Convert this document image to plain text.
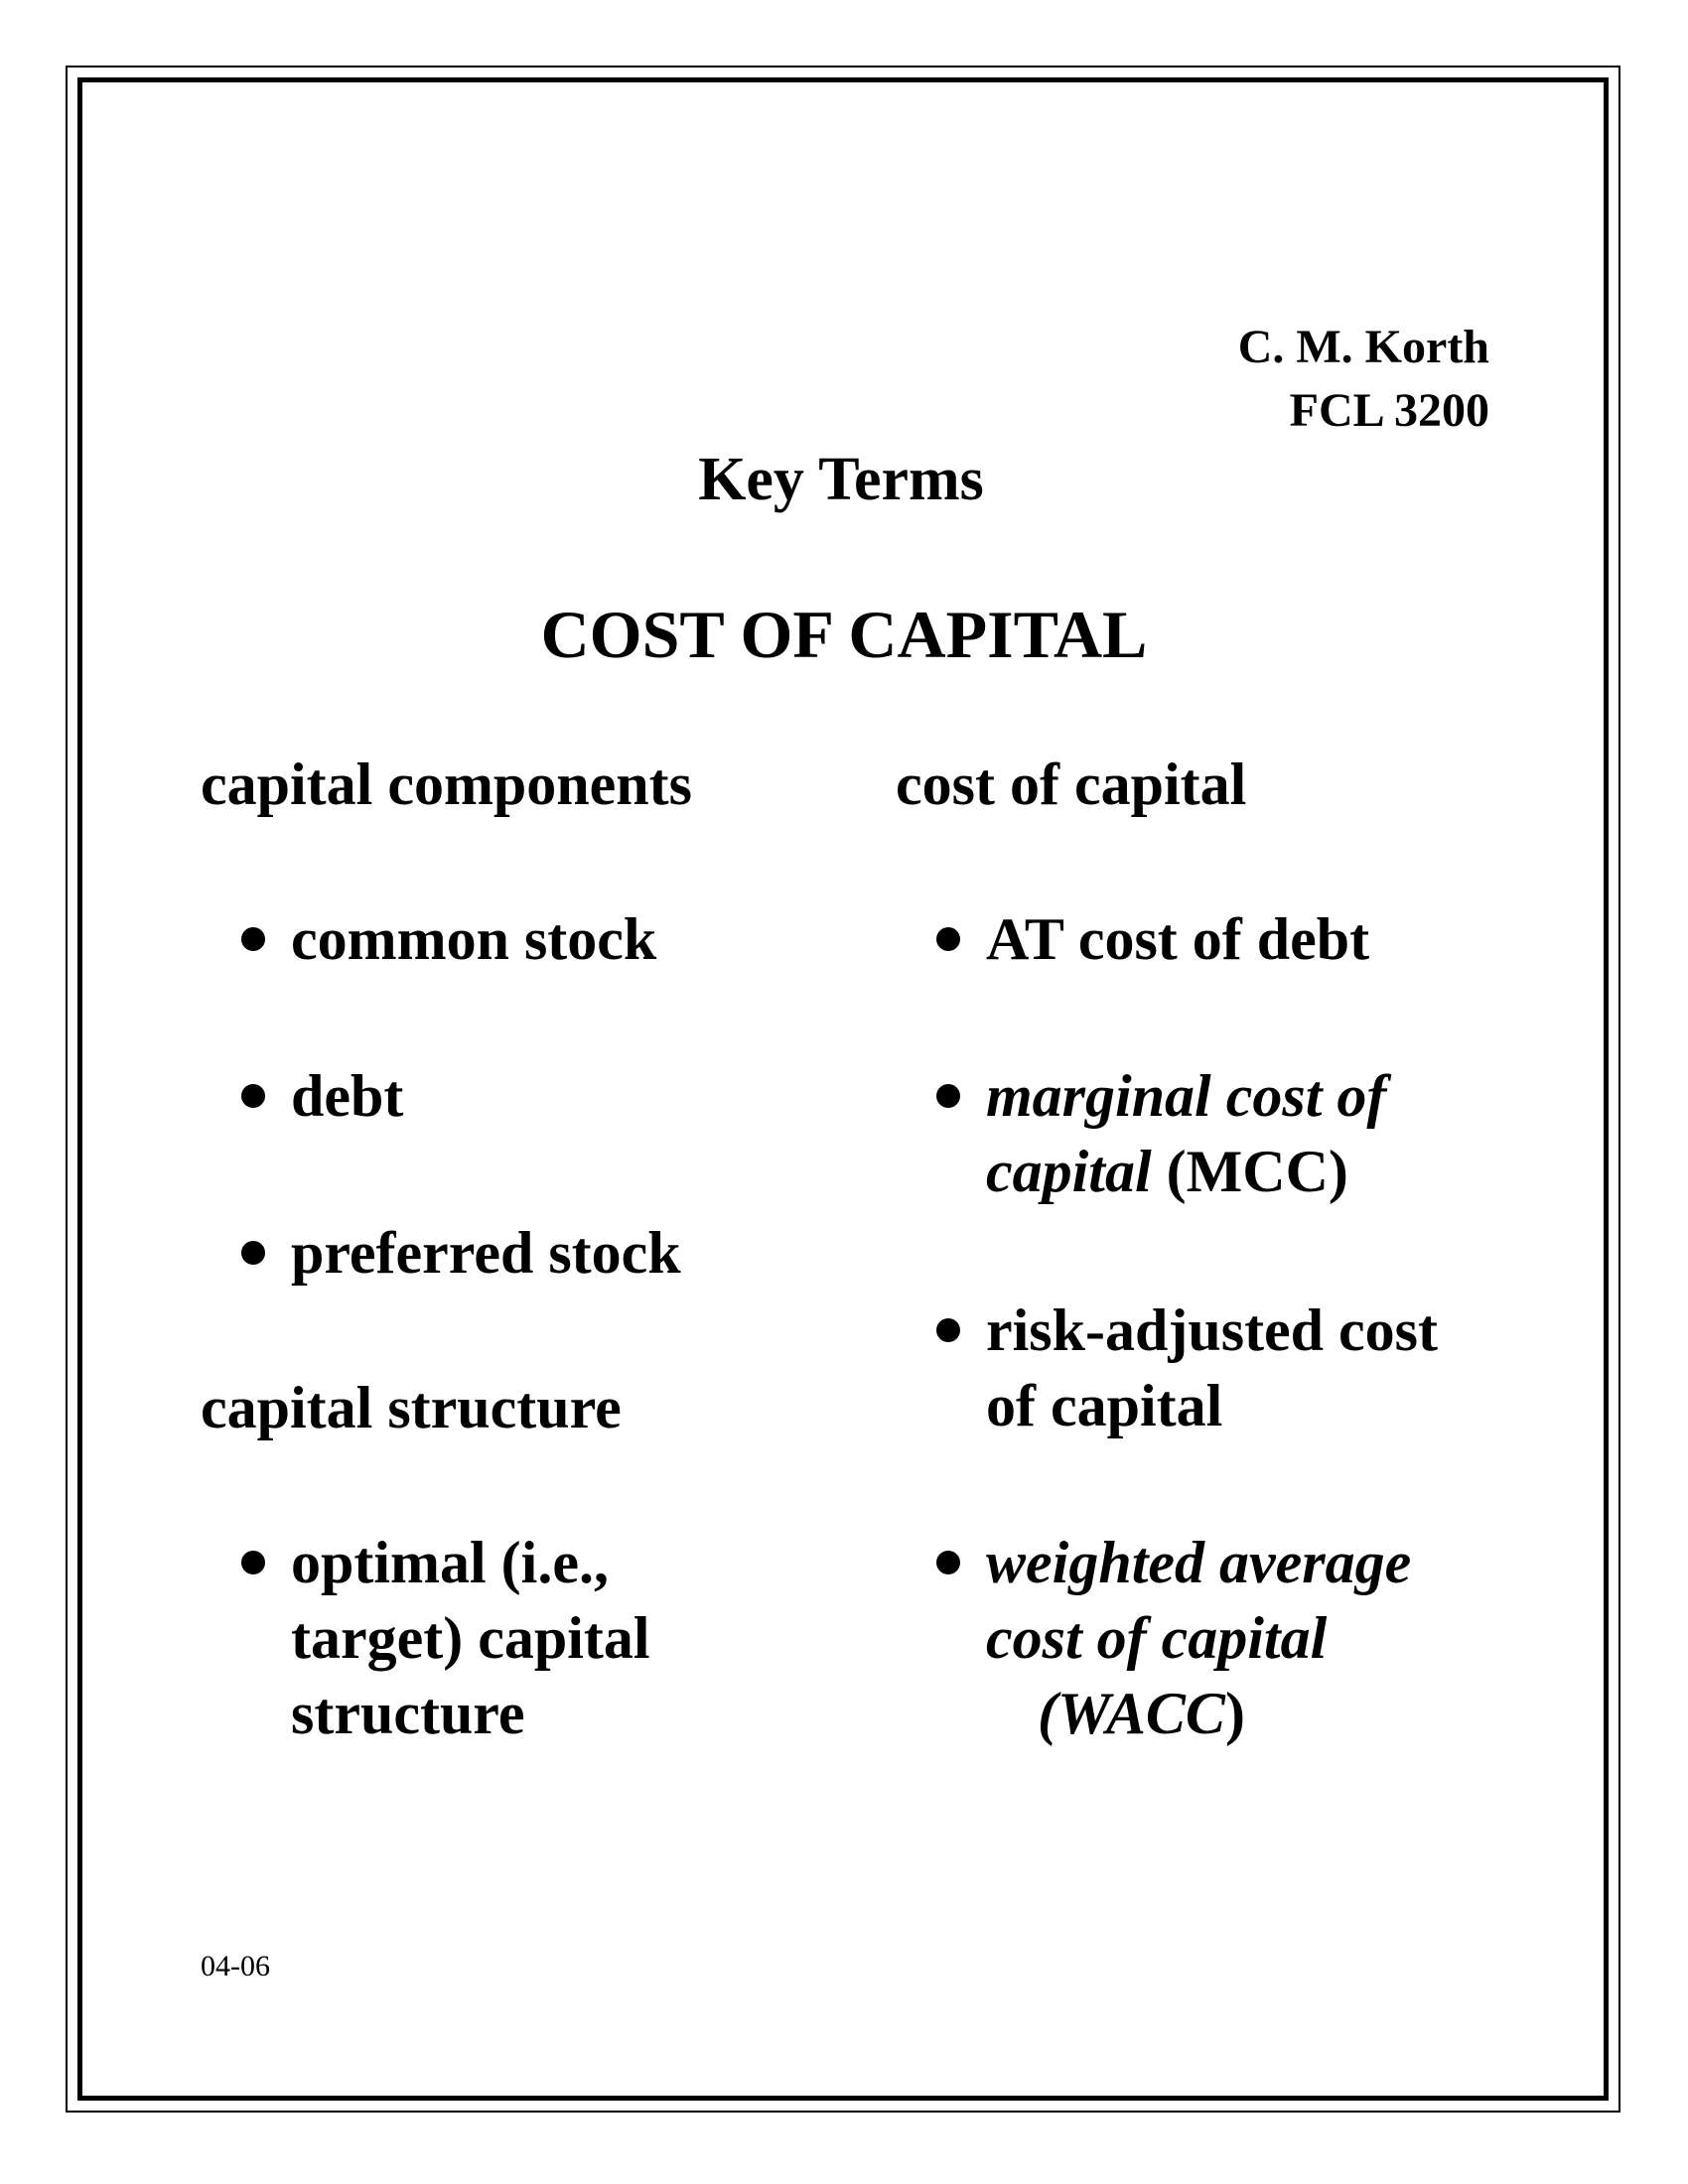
C. M. Korth
FCL 3200
Key Terms
COST OF CAPITAL
capital components
common stock
debt
preferred stock
capital structure
optimal (i.e.,
target) capital
structure
cost of capital
AT cost of debt
marginal cost of
capital (MCC)
risk-adjusted cost
of capital
weighted average
cost of capital
(WACC)
04-06
